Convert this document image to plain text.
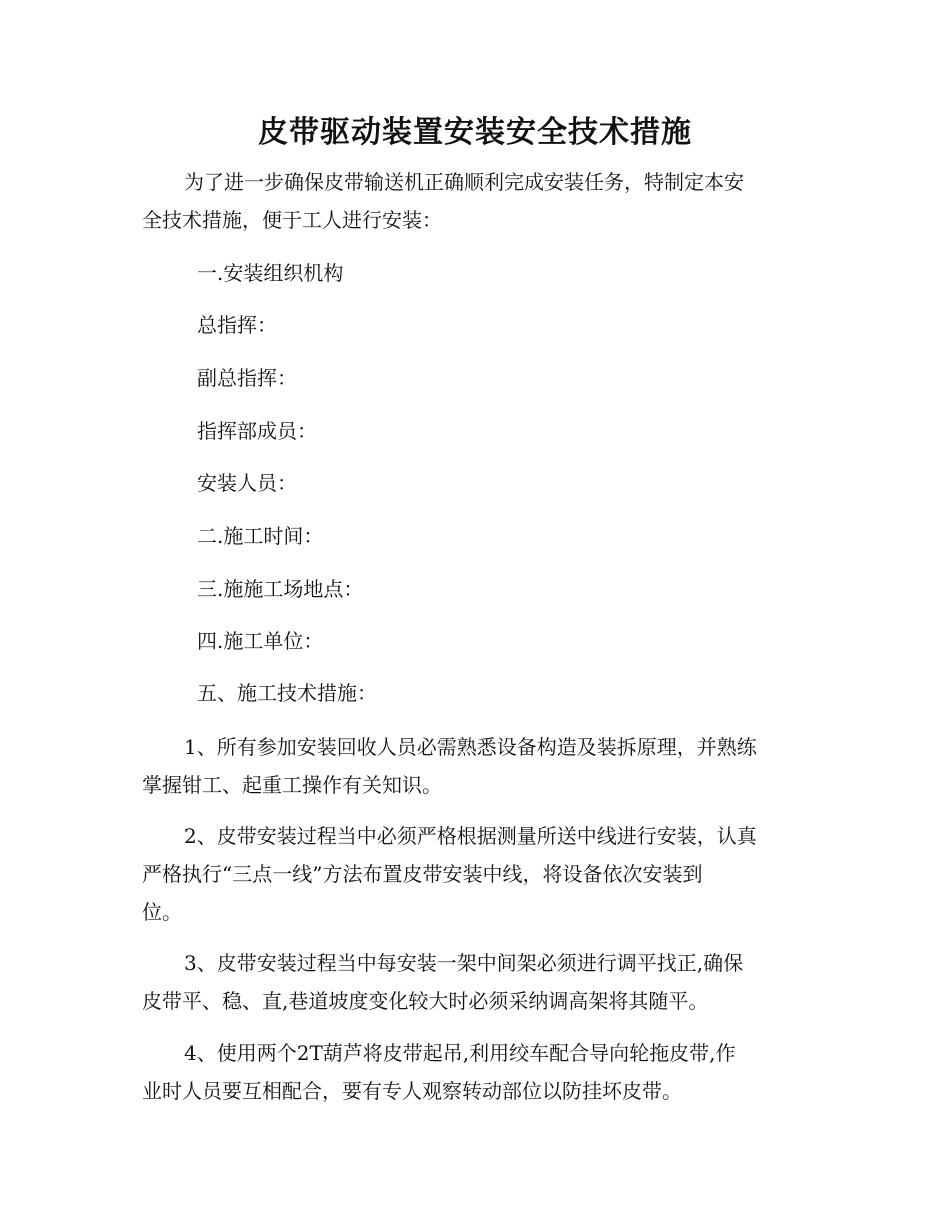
皮带驱动装置安装安全技术措施
为了进一步确保皮带输送机正确顺利完成安装任务，特制定本安
全技术措施，便于工人进行安装：

一.安装组织机构

总指挥：

副总指挥：

指挥部成员：

安装人员：

二.施工时间：

三.施施工场地点：

四.施工单位：

五、施工技术措施：

1、所有参加安装回收人员必需熟悉设备构造及装拆原理，并熟练
掌握钳工、起重工操作有关知识。
2、皮带安装过程当中必须严格根据测量所送中线进行安装，认真
严格执行“三点一线”方法布置皮带安装中线，将设备依次安装到
位。
3、皮带安装过程当中每安装一架中间架必须进行调平找正,确保
皮带平、稳、直,巷道坡度变化较大时必须采纳调高架将其随平。
4、使用两个2T葫芦将皮带起吊,利用绞车配合导向轮拖皮带,作
业时人员要互相配合，要有专人观察转动部位以防挂坏皮带。
